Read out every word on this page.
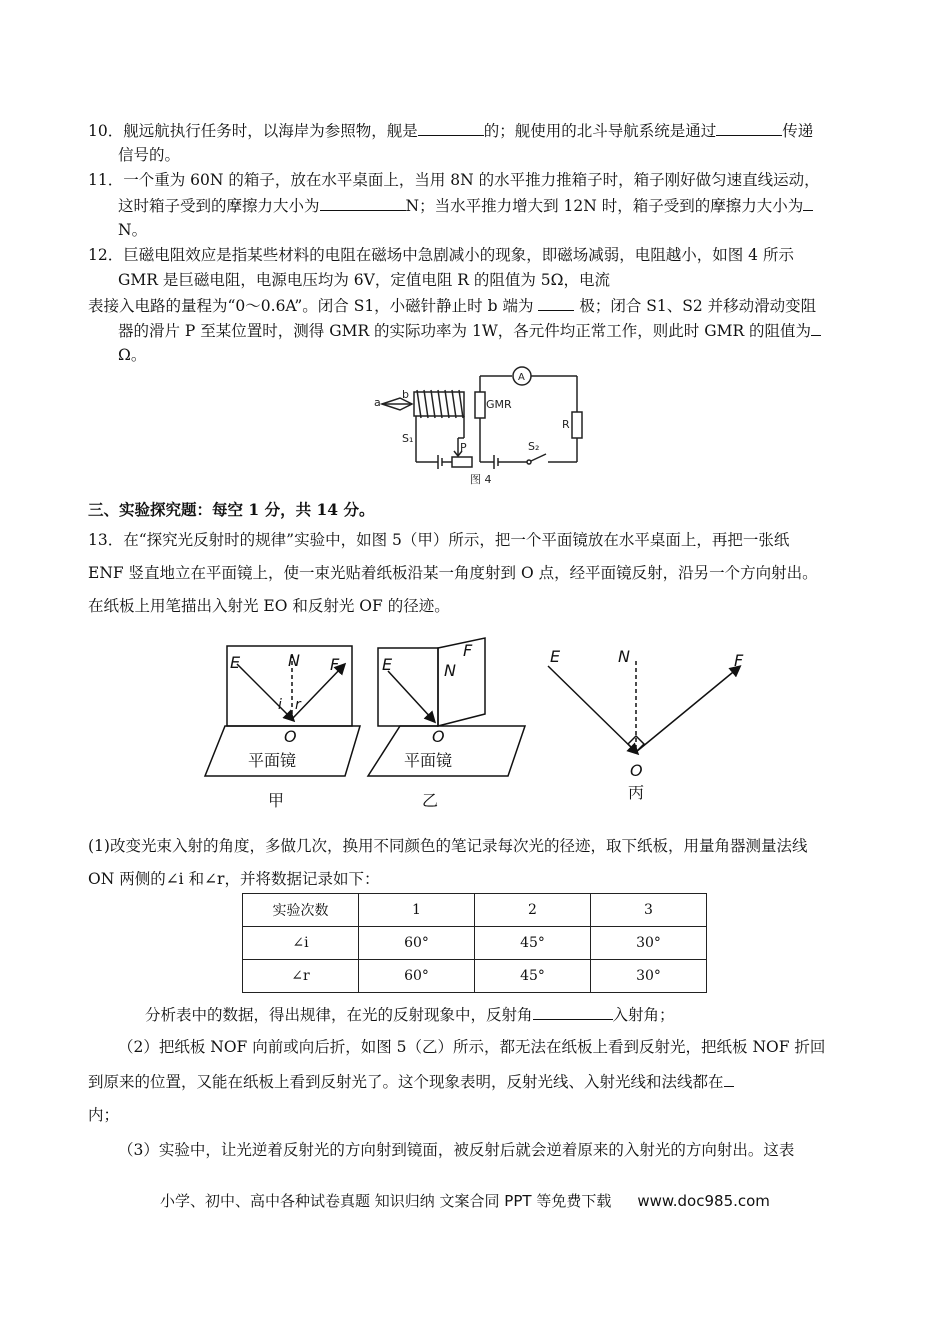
10．舰远航执行任务时，以海岸为参照物，舰是	的；舰使用的北斗导航系统是通过	传递
信号的。
11．一个重为 60N 的箱子，放在水平桌面上，当用 8N 的水平推力推箱子时，箱子刚好做匀速直线运动，
这时箱子受到的摩擦力大小为	N；当水平推力增大到 12N 时，箱子受到的摩擦力大小为
N。
12．巨磁电阻效应是指某些材料的电阻在磁场中急剧减小的现象，即磁场减弱，电阻越小，如图 4 所示
GMR 是巨磁电阻，电源电压均为 6V，定值电阻 R 的阻值为 5Ω，电流
表接入电路的量程为“0～0.6A”。闭合 S1，小磁针静止时 b 端为	极；闭合 S1、S2 并移动滑动变阻
器的滑片 P 至某位置时，测得 GMR 的实际功率为 1W，各元件均正常工作，则此时 GMR 的阻值为
Ω。
a
b
GMR
R
S₁
S₂
P
A
图 4
三、实验探究题：每空 1 分，共 14 分。
13．在“探究光反射时的规律”实验中，如图 5（甲）所示，把一个平面镜放在水平桌面上，再把一张纸
ENF 竖直地立在平面镜上，使一束光贴着纸板沿某一角度射到 O 点，经平面镜反射，沿另一个方向射出。
在纸板上用笔描出入射光 EO 和反射光 OF 的径迹。
E	N F
i r
O
E	N
F
O
E	N	F
O
平面镜	平面镜
甲	乙	丙
(1)改变光束入射的角度，多做几次，换用不同颜色的笔记录每次光的径迹，取下纸板，用量角器测量法线
ON 两侧的∠i 和∠r，并将数据记录如下：
实验次数	1	2	3
∠i	60°	45°	30°
∠r	60°	45°	30°
分析表中的数据，得出规律，在光的反射现象中，反射角	入射角；
（2）把纸板 NOF 向前或向后折，如图 5（乙）所示，都无法在纸板上看到反射光，把纸板 NOF 折回
到原来的位置，又能在纸板上看到反射光了。这个现象表明，反射光线、入射光线和法线都在
内；
（3）实验中，让光逆着反射光的方向射到镜面，被反射后就会逆着原来的入射光的方向射出。这表
小学、初中、高中各种试卷真题 知识归纳 文案合同 PPT 等免费下载 www.doc985.com
